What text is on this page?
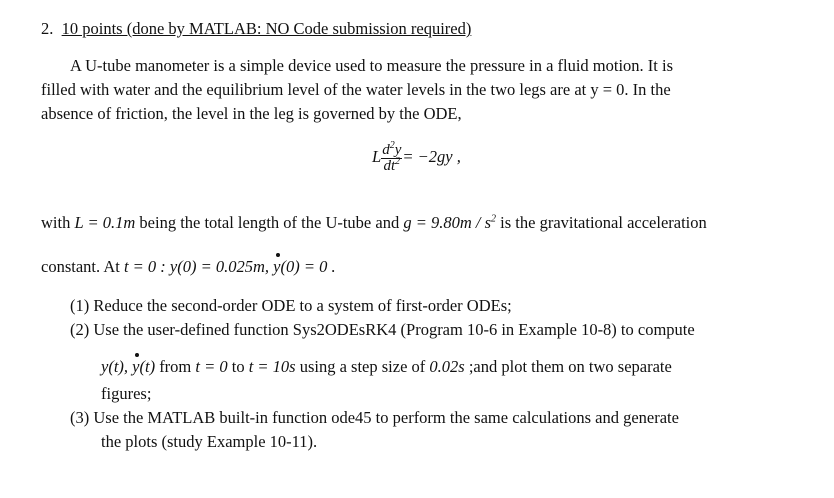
2. 10 points (done by MATLAB: NO Code submission required)
A U-tube manometer is a simple device used to measure the pressure in a fluid motion. It is
filled with water and the equilibrium level of the water levels in the two legs are at y = 0. In the
absence of friction, the level in the leg is governed by the ODE,
L $\frac{d^2y}{dt^2} = -2gy$ ,
with L = 0.1m being the total length of the U-tube and $g = 9.80m / s^2$ is the gravitational acceleration
constant. At t = 0 : y(0) = 0.025m, y(0) = 0 .
(1) Reduce the second-order ODE to a system of first-order ODEs;
(2) Use the user-defined function Sys2ODEsRK4 (Program 10-6 in Example 10-8) to compute
y(t), y(t) from t = 0 to t = 10s using a step size of 0.02s ;and plot them on two separate
figures;
(3) Use the MATLAB built-in function ode45 to perform the same calculations and generate
the plots (study Example 10-11).
